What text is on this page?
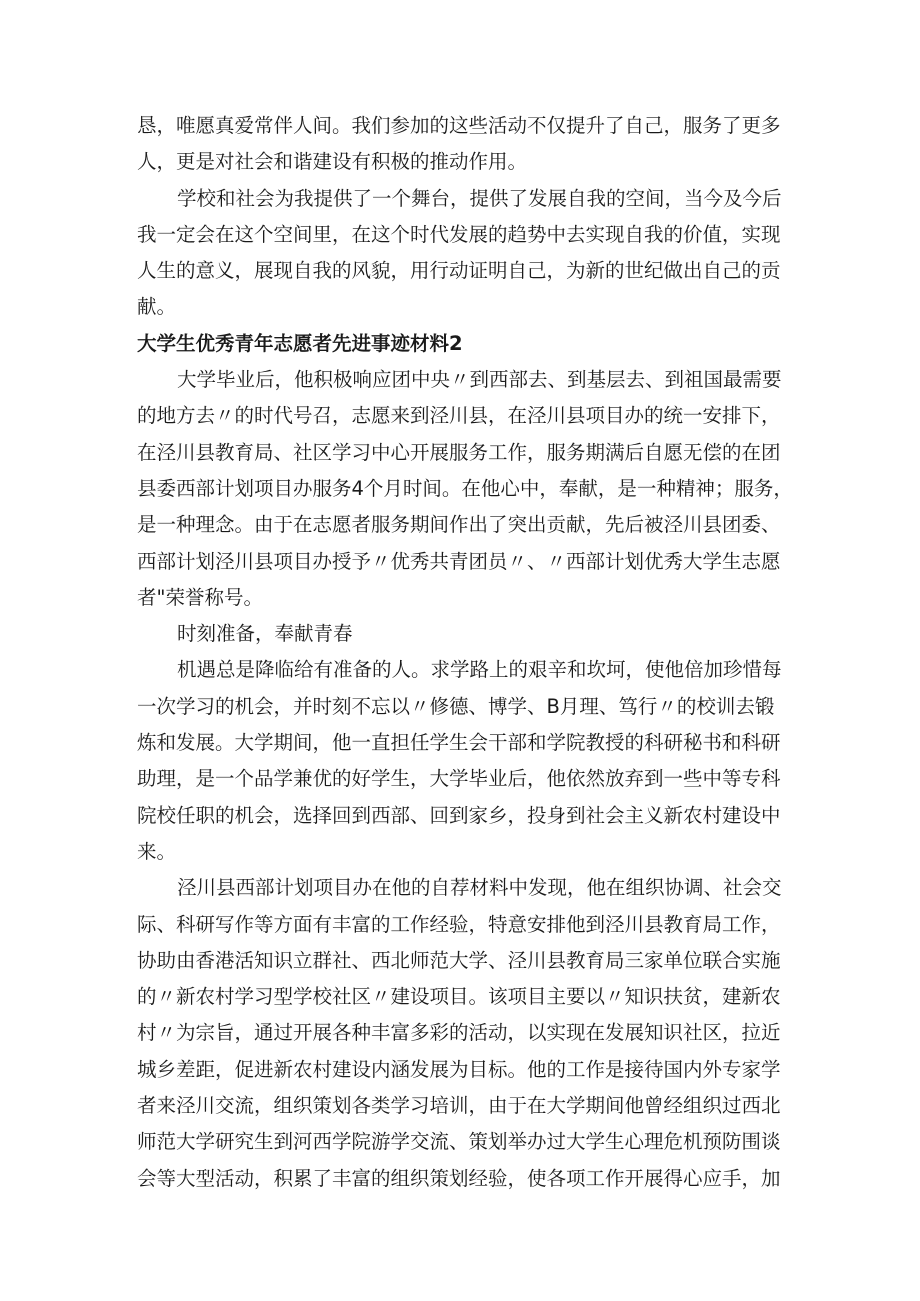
恳，唯愿真爱常伴人间。我们参加的这些活动不仅提升了自己，服务了更多
人，更是对社会和谐建设有积极的推动作用。
学校和社会为我提供了一个舞台，提供了发展自我的空间，当今及今后
我一定会在这个空间里，在这个时代发展的趋势中去实现自我的价值，实现
人生的意义，展现自我的风貌，用行动证明自己，为新的世纪做出自己的贡
献。
大学生优秀青年志愿者先进事迹材料2
大学毕业后，他积极响应团中央〃到西部去、到基层去、到祖国最需要
的地方去〃的时代号召，志愿来到泾川县，在泾川县项目办的统一安排下，
在泾川县教育局、社区学习中心开展服务工作，服务期满后自愿无偿的在团
县委西部计划项目办服务4个月时间。在他心中，奉献，是一种精神；服务，
是一种理念。由于在志愿者服务期间作出了突出贡献，先后被泾川县团委、
西部计划泾川县项目办授予〃优秀共青团员〃、〃西部计划优秀大学生志愿
者"荣誉称号。
时刻准备，奉献青春
机遇总是降临给有准备的人。求学路上的艰辛和坎坷，使他倍加珍惜每
一次学习的机会，并时刻不忘以〃修德、博学、B月理、笃行〃的校训去锻
炼和发展。大学期间，他一直担任学生会干部和学院教授的科研秘书和科研
助理，是一个品学兼优的好学生，大学毕业后，他依然放弃到一些中等专科
院校任职的机会，选择回到西部、回到家乡，投身到社会主义新农村建设中
来。
泾川县西部计划项目办在他的自荐材料中发现，他在组织协调、社会交
际、科研写作等方面有丰富的工作经验，特意安排他到泾川县教育局工作，
协助由香港活知识立群社、西北师范大学、泾川县教育局三家单位联合实施
的〃新农村学习型学校社区〃建设项目。该项目主要以〃知识扶贫，建新农
村〃为宗旨，通过开展各种丰富多彩的活动，以实现在发展知识社区，拉近
城乡差距，促进新农村建设内涵发展为目标。他的工作是接待国内外专家学
者来泾川交流，组织策划各类学习培训，由于在大学期间他曾经组织过西北
师范大学研究生到河西学院游学交流、策划举办过大学生心理危机预防围谈
会等大型活动，积累了丰富的组织策划经验，使各项工作开展得心应手，加
